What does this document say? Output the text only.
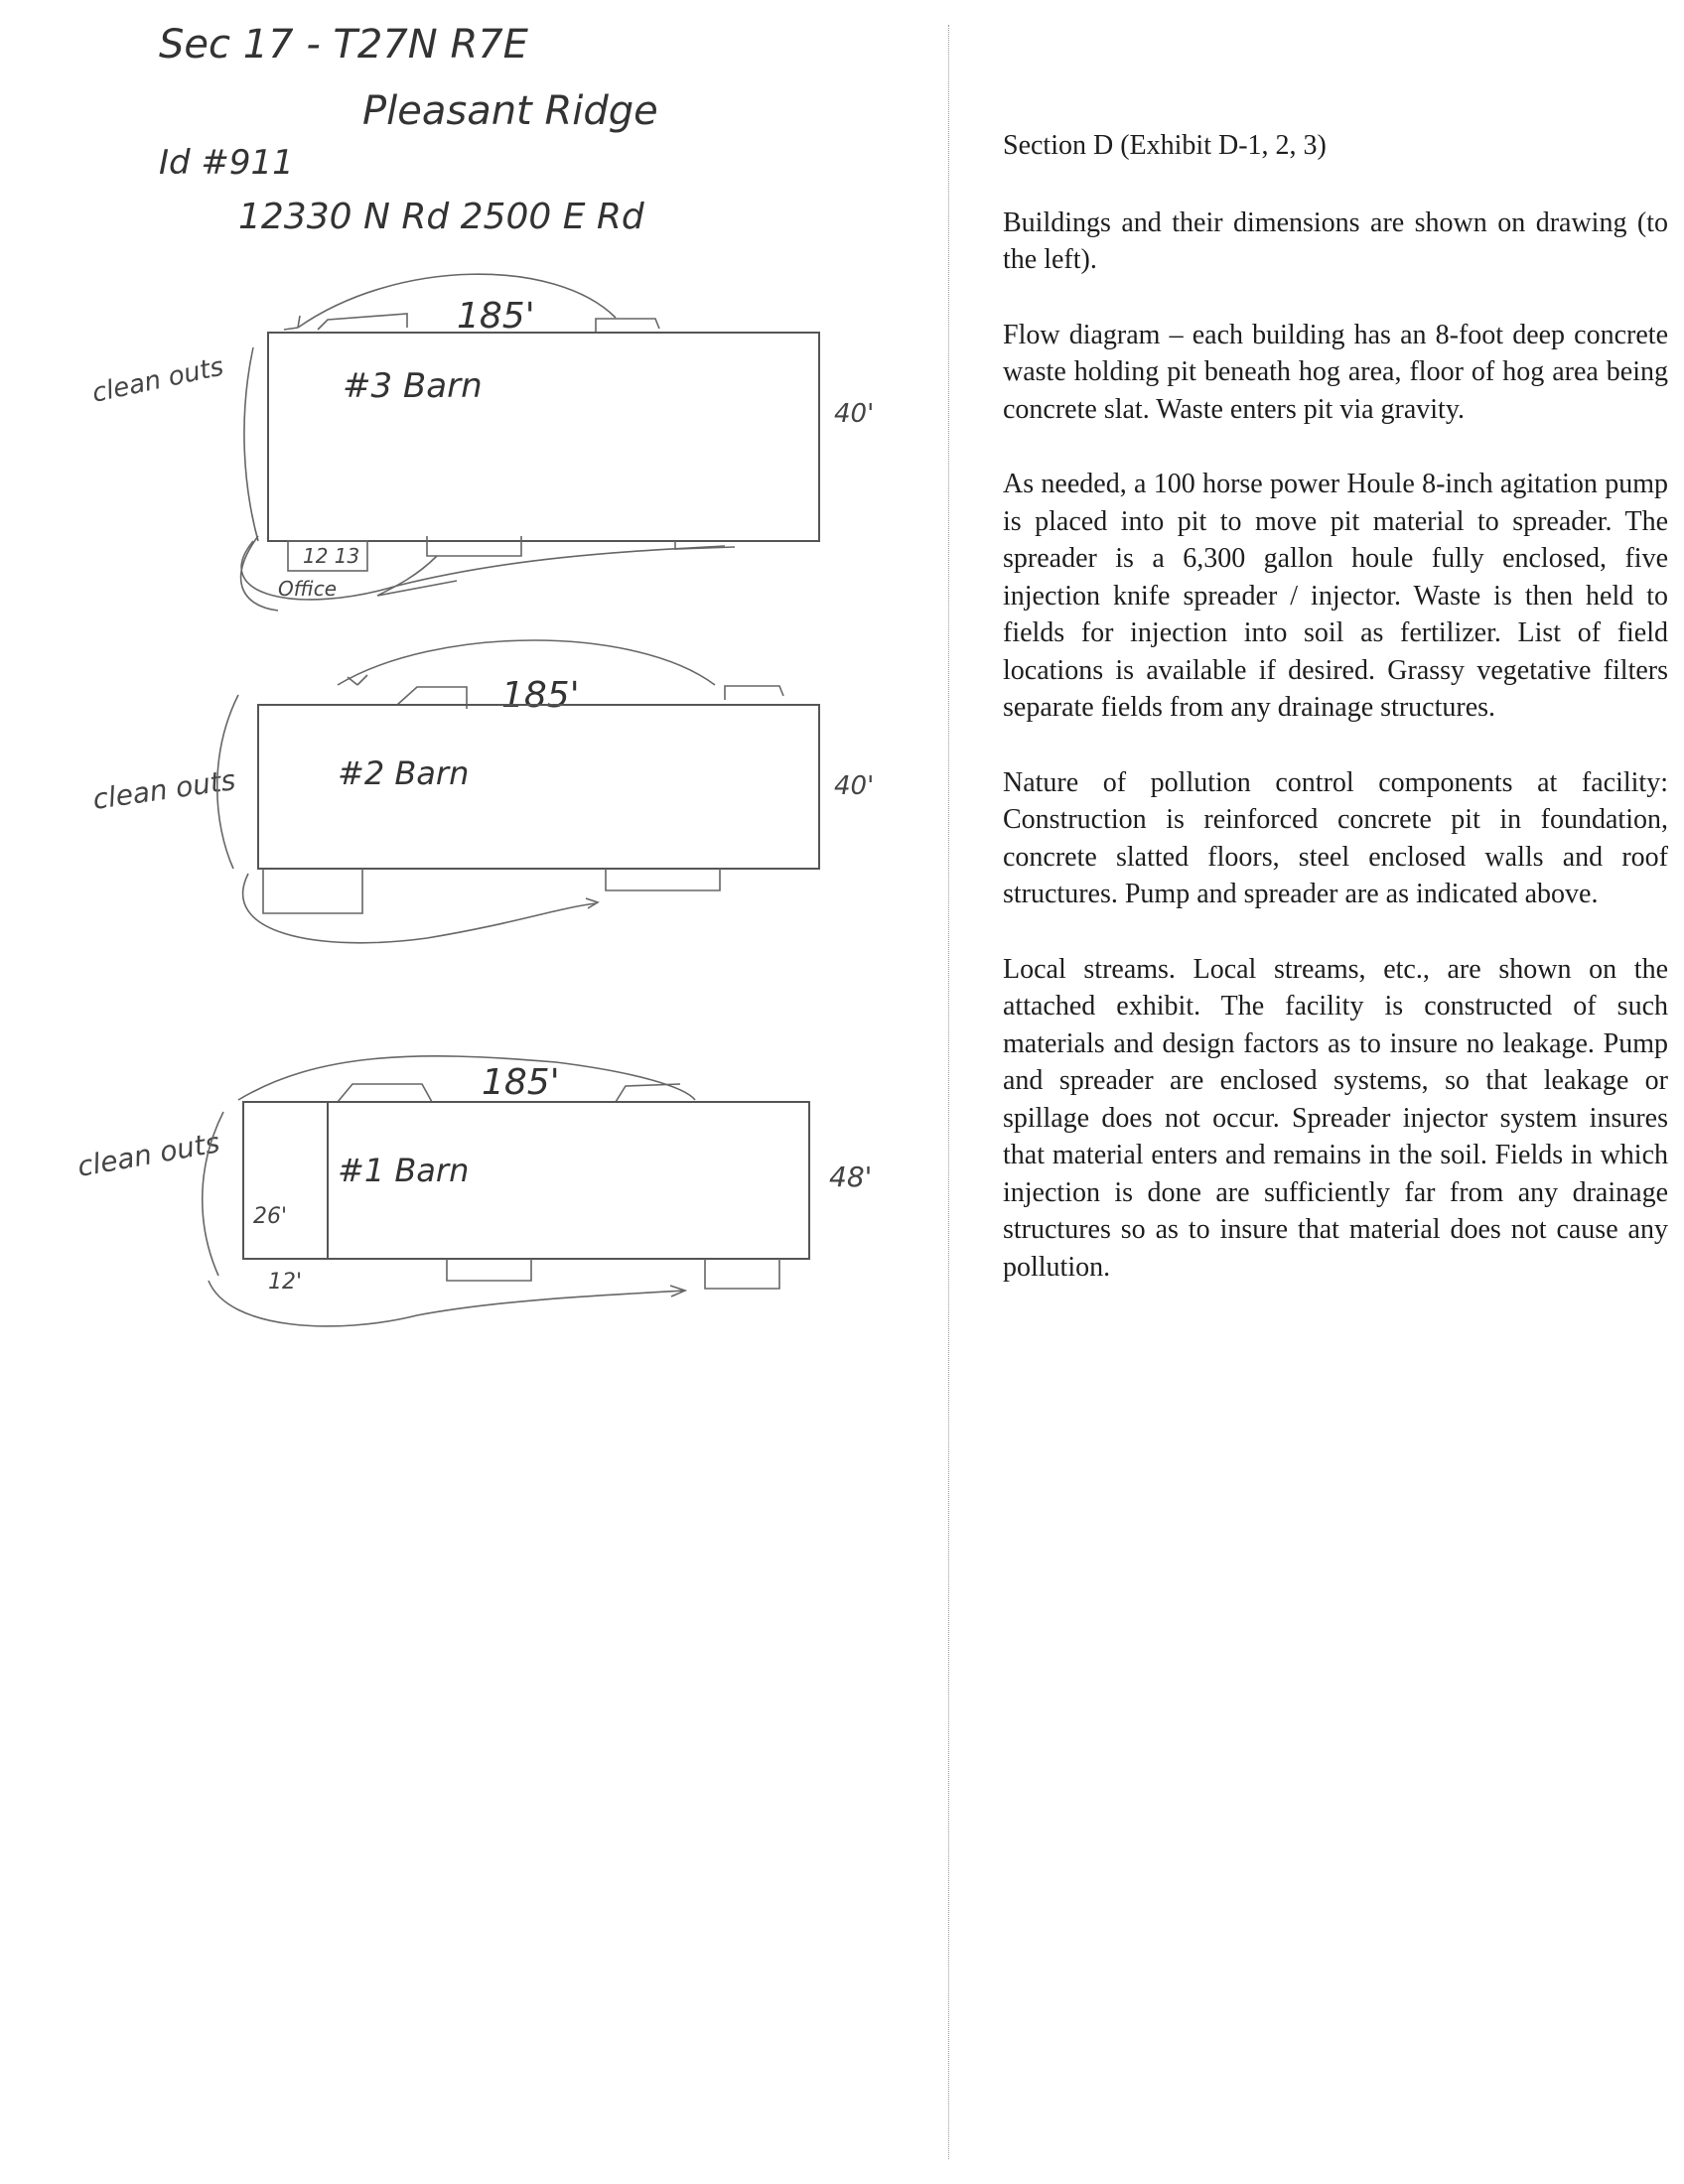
Sec 17 - T27N R7E
Pleasant Ridge
Id #911
12330 N Rd 2500 E Rd
185'
#3 Barn
40'
clean outs
12 13
Office
185'
#2 Barn	40'
clean outs
185'
#1 Barn	48'
26'
12'
clean outs

Section D (Exhibit D-1, 2, 3)

Buildings and their dimensions are shown on drawing (to the left).

Flow diagram – each building has an 8-foot deep concrete waste holding pit beneath hog area, floor of hog area being concrete slat. Waste enters pit via gravity.

As needed, a 100 horse power Houle 8-inch agitation pump is placed into pit to move pit material to spreader. The spreader is a 6,300 gallon houle fully enclosed, five injection knife spreader / injector. Waste is then held to fields for injection into soil as fertilizer. List of field locations is available if desired. Grassy vegetative filters separate fields from any drainage structures.

Nature of pollution control components at facility: Construction is reinforced concrete pit in foundation, concrete slatted floors, steel enclosed walls and roof structures. Pump and spreader are as indicated above.

Local streams. Local streams, etc., are shown on the attached exhibit. The facility is constructed of such materials and design factors as to insure no leakage. Pump and spreader are enclosed systems, so that leakage or spillage does not occur. Spreader injector system insures that material enters and remains in the soil. Fields in which injection is done are sufficiently far from any drainage structures so as to insure that material does not cause any pollution.
